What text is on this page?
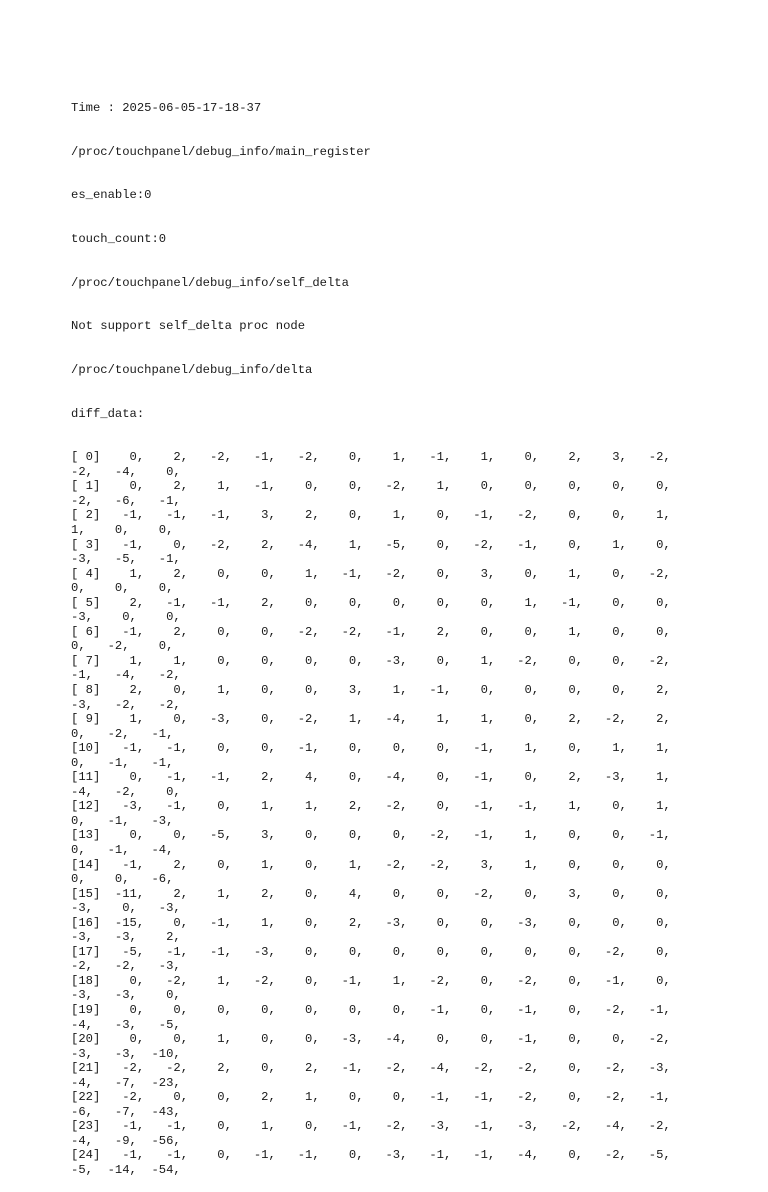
Time : 2025-06-05-17-18-37

/proc/touchpanel/debug_info/main_register

es_enable:0

touch_count:0

/proc/touchpanel/debug_info/self_delta

Not support self_delta proc node

/proc/touchpanel/debug_info/delta

diff_data:

[ 0]    0,    2,   -2,   -1,   -2,    0,    1,   -1,    1,    0,    2,    3,   -2,
-2,   -4,    0,
[ 1]    0,    2,    1,   -1,    0,    0,   -2,    1,    0,    0,    0,    0,    0,
-2,   -6,   -1,
[ 2]   -1,   -1,   -1,    3,    2,    0,    1,    0,   -1,   -2,    0,    0,    1,
1,    0,    0,
[ 3]   -1,    0,   -2,    2,   -4,    1,   -5,    0,   -2,   -1,    0,    1,    0,
-3,   -5,   -1,
[ 4]    1,    2,    0,    0,    1,   -1,   -2,    0,    3,    0,    1,    0,   -2,
0,    0,    0,
[ 5]    2,   -1,   -1,    2,    0,    0,    0,    0,    0,    1,   -1,    0,    0,
-3,    0,    0,
[ 6]   -1,    2,    0,    0,   -2,   -2,   -1,    2,    0,    0,    1,    0,    0,
0,   -2,    0,
[ 7]    1,    1,    0,    0,    0,    0,   -3,    0,    1,   -2,    0,    0,   -2,
-1,   -4,   -2,
[ 8]    2,    0,    1,    0,    0,    3,    1,   -1,    0,    0,    0,    0,    2,
-3,   -2,   -2,
[ 9]    1,    0,   -3,    0,   -2,    1,   -4,    1,    1,    0,    2,   -2,    2,
0,   -2,   -1,
[10]   -1,   -1,    0,    0,   -1,    0,    0,    0,   -1,    1,    0,    1,    1,
0,   -1,   -1,
[11]    0,   -1,   -1,    2,    4,    0,   -4,    0,   -1,    0,    2,   -3,    1,
-4,   -2,    0,
[12]   -3,   -1,    0,    1,    1,    2,   -2,    0,   -1,   -1,    1,    0,    1,
0,   -1,   -3,
[13]    0,    0,   -5,    3,    0,    0,    0,   -2,   -1,    1,    0,    0,   -1,
0,   -1,   -4,
[14]   -1,    2,    0,    1,    0,    1,   -2,   -2,    3,    1,    0,    0,    0,
0,    0,   -6,
[15]  -11,    2,    1,    2,    0,    4,    0,    0,   -2,    0,    3,    0,    0,
-3,    0,   -3,
[16]  -15,    0,   -1,    1,    0,    2,   -3,    0,    0,   -3,    0,    0,    0,
-3,   -3,    2,
[17]   -5,   -1,   -1,   -3,    0,    0,    0,    0,    0,    0,    0,   -2,    0,
-2,   -2,   -3,
[18]    0,   -2,    1,   -2,    0,   -1,    1,   -2,    0,   -2,    0,   -1,    0,
-3,   -3,    0,
[19]    0,    0,    0,    0,    0,    0,    0,   -1,    0,   -1,    0,   -2,   -1,
-4,   -3,   -5,
[20]    0,    0,    1,    0,    0,   -3,   -4,    0,    0,   -1,    0,    0,   -2,
-3,   -3,  -10,
[21]   -2,   -2,    2,    0,    2,   -1,   -2,   -4,   -2,   -2,    0,   -2,   -3,
-4,   -7,  -23,
[22]   -2,    0,    0,    2,    1,    0,    0,   -1,   -1,   -2,    0,   -2,   -1,
-6,   -7,  -43,
[23]   -1,   -1,    0,    1,    0,   -1,   -2,   -3,   -1,   -3,   -2,   -4,   -2,
-4,   -9,  -56,
[24]   -1,   -1,    0,   -1,   -1,    0,   -3,   -1,   -1,   -4,    0,   -2,   -5,
-5,  -14,  -54,
